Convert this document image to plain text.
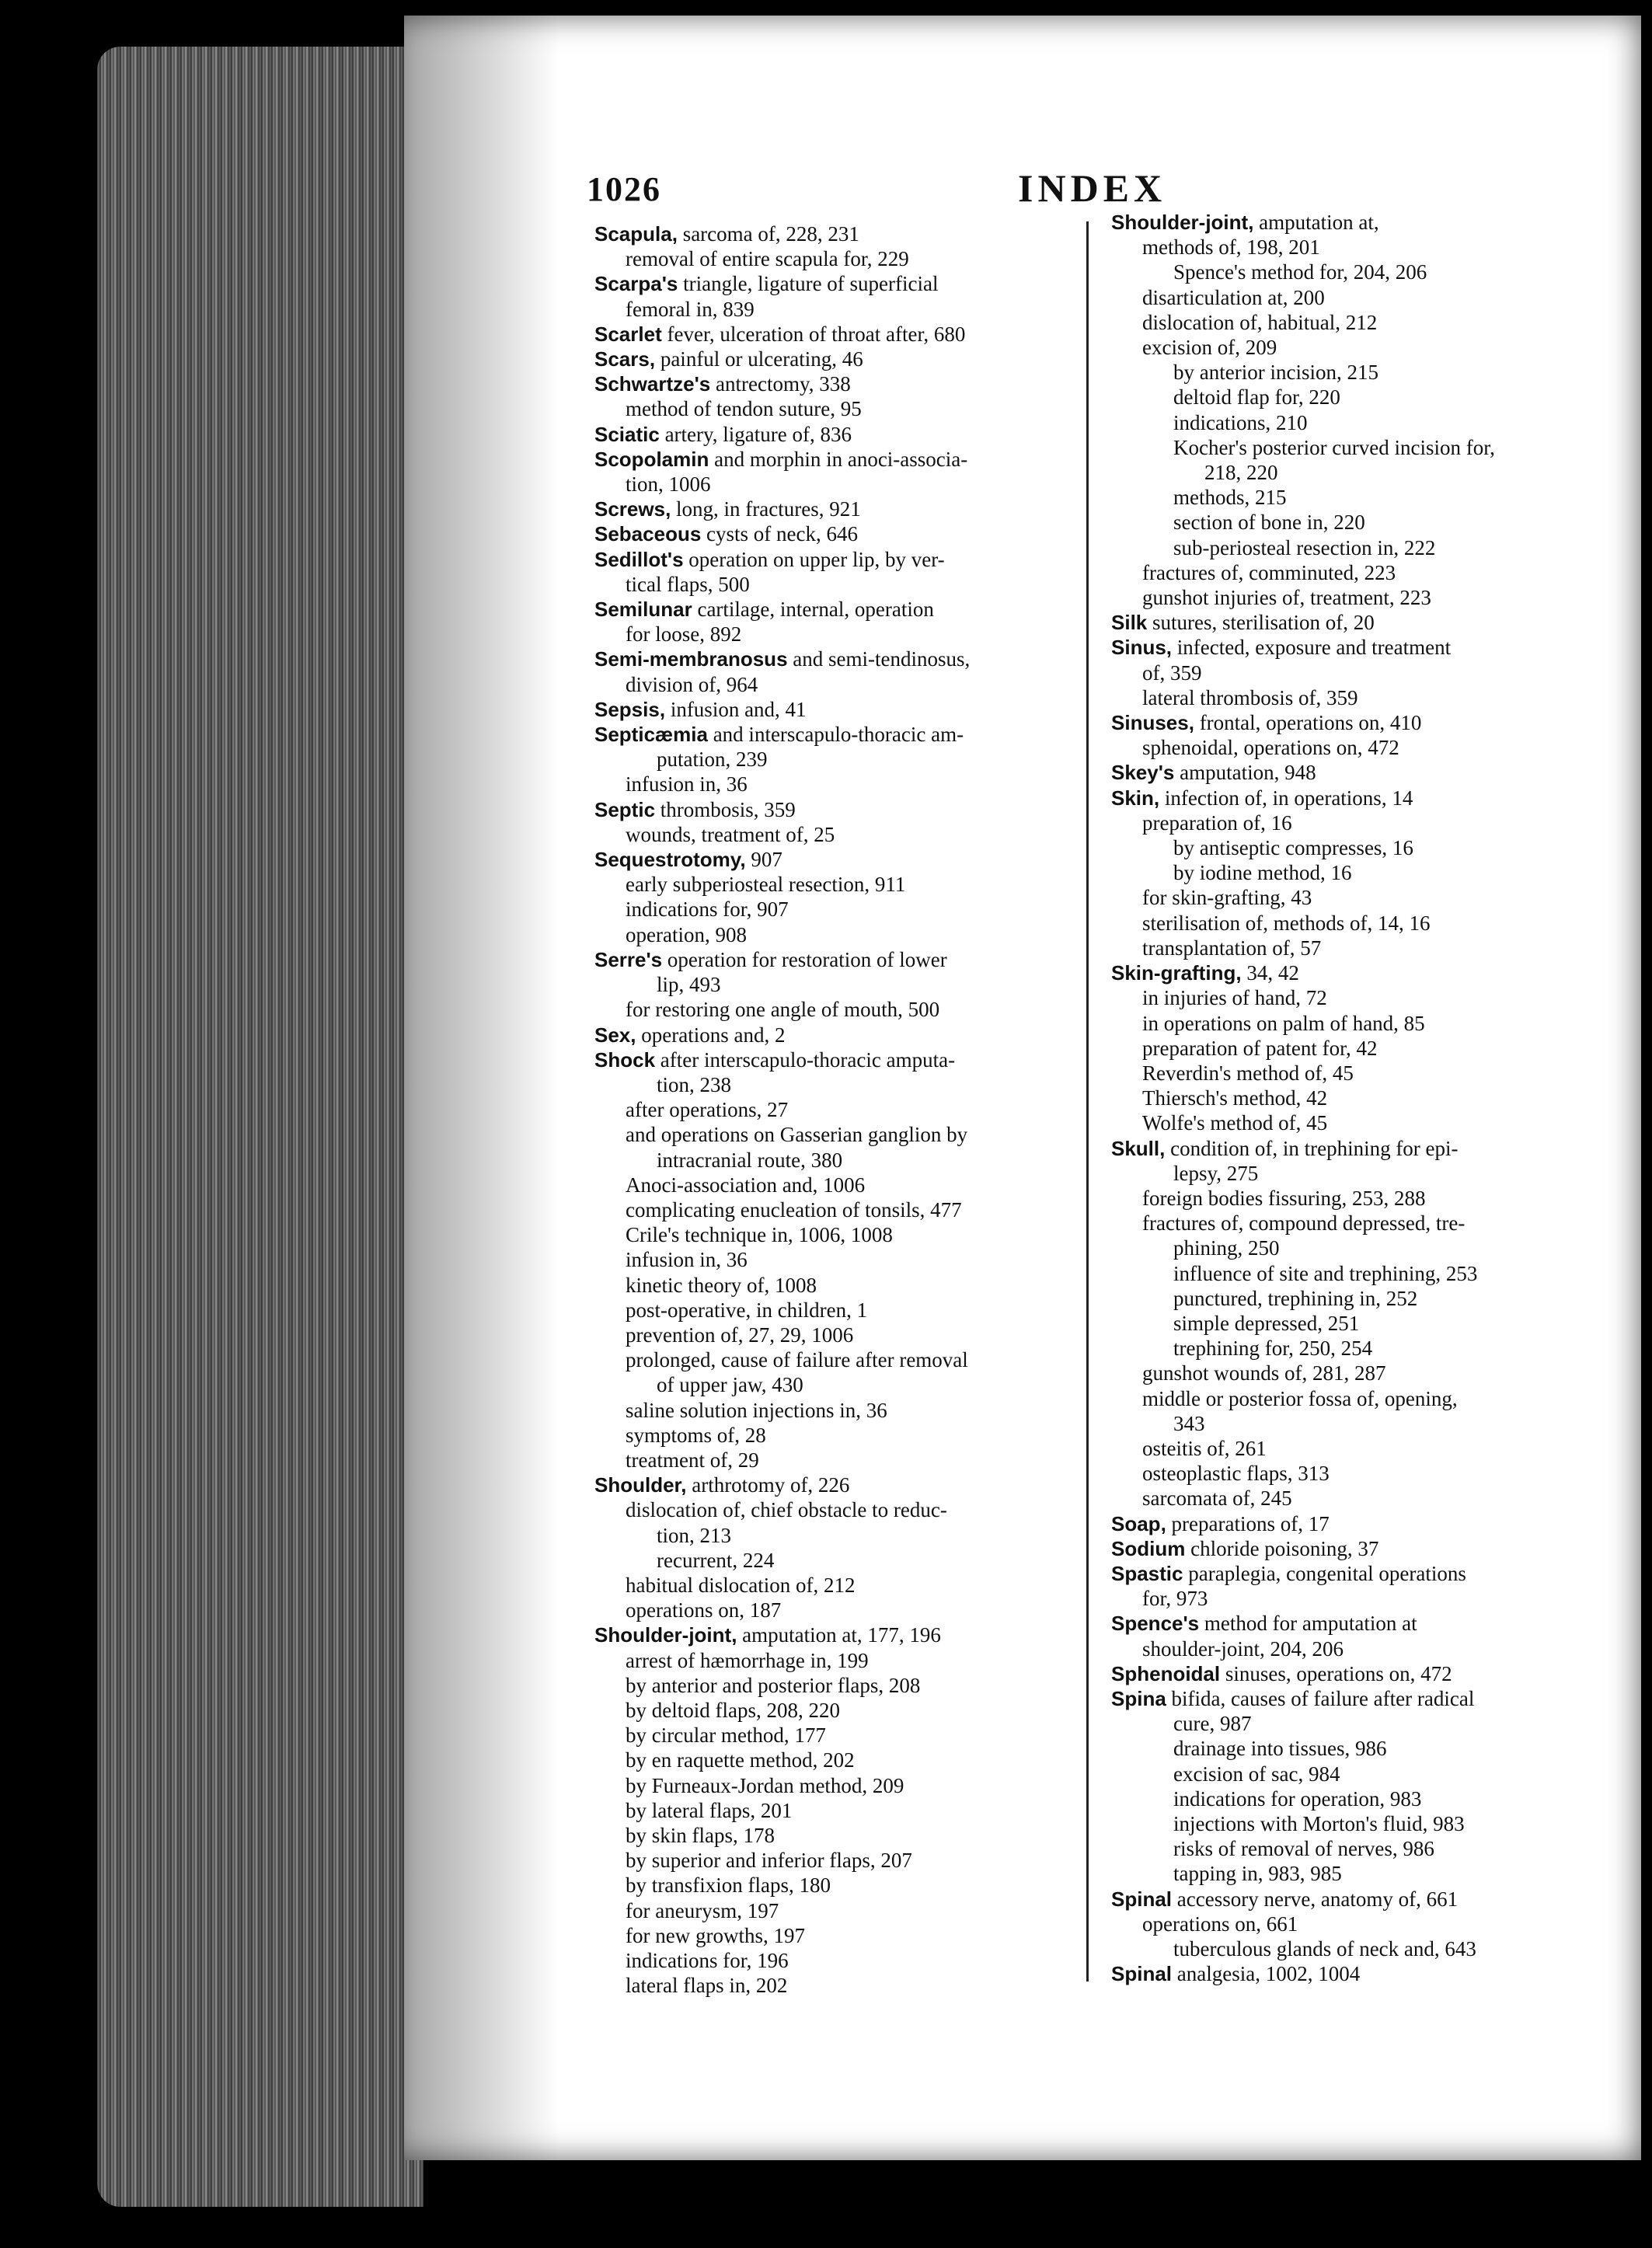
1026	INDEX
Scapula, sarcoma of, 228, 231
removal of entire scapula for, 229
Scarpa's triangle, ligature of superficial
femoral in, 839
Scarlet fever, ulceration of throat after, 680
Scars, painful or ulcerating, 46
Schwartze's antrectomy, 338
method of tendon suture, 95
Sciatic artery, ligature of, 836
Scopolamin and morphin in anoci-associa-
tion, 1006
Screws, long, in fractures, 921
Sebaceous cysts of neck, 646
Sedillot's operation on upper lip, by ver-
tical flaps, 500
Semilunar cartilage, internal, operation
for loose, 892
Semi-membranosus and semi-tendinosus,
division of, 964
Sepsis, infusion and, 41
Septicæmia and interscapulo-thoracic am-
putation, 239
infusion in, 36
Septic thrombosis, 359
wounds, treatment of, 25
Sequestrotomy, 907
early subperiosteal resection, 911
indications for, 907
operation, 908
Serre's operation for restoration of lower
lip, 493
for restoring one angle of mouth, 500
Sex, operations and, 2
Shock after interscapulo-thoracic amputa-
tion, 238
after operations, 27
and operations on Gasserian ganglion by
intracranial route, 380
Anoci-association and, 1006
complicating enucleation of tonsils, 477
Crile's technique in, 1006, 1008
infusion in, 36
kinetic theory of, 1008
post-operative, in children, 1
prevention of, 27, 29, 1006
prolonged, cause of failure after removal
of upper jaw, 430
saline solution injections in, 36
symptoms of, 28
treatment of, 29
Shoulder, arthrotomy of, 226
dislocation of, chief obstacle to reduc-
tion, 213
recurrent, 224
habitual dislocation of, 212
operations on, 187
Shoulder-joint, amputation at, 177, 196
arrest of hæmorrhage in, 199
by anterior and posterior flaps, 208
by deltoid flaps, 208, 220
by circular method, 177
by en raquette method, 202
by Furneaux-Jordan method, 209
by lateral flaps, 201
by skin flaps, 178
by superior and inferior flaps, 207
by transfixion flaps, 180
for aneurysm, 197
for new growths, 197
indications for, 196
lateral flaps in, 202
Shoulder-joint, amputation at,
methods of, 198, 201
Spence's method for, 204, 206
disarticulation at, 200
dislocation of, habitual, 212
excision of, 209
by anterior incision, 215
deltoid flap for, 220
indications, 210
Kocher's posterior curved incision for,
218, 220
methods, 215
section of bone in, 220
sub-periosteal resection in, 222
fractures of, comminuted, 223
gunshot injuries of, treatment, 223
Silk sutures, sterilisation of, 20
Sinus, infected, exposure and treatment
of, 359
lateral thrombosis of, 359
Sinuses, frontal, operations on, 410
sphenoidal, operations on, 472
Skey's amputation, 948
Skin, infection of, in operations, 14
preparation of, 16
by antiseptic compresses, 16
by iodine method, 16
for skin-grafting, 43
sterilisation of, methods of, 14, 16
transplantation of, 57
Skin-grafting, 34, 42
in injuries of hand, 72
in operations on palm of hand, 85
preparation of patent for, 42
Reverdin's method of, 45
Thiersch's method, 42
Wolfe's method of, 45
Skull, condition of, in trephining for epi-
lepsy, 275
foreign bodies fissuring, 253, 288
fractures of, compound depressed, tre-
phining, 250
influence of site and trephining, 253
punctured, trephining in, 252
simple depressed, 251
trephining for, 250, 254
gunshot wounds of, 281, 287
middle or posterior fossa of, opening,
343
osteitis of, 261
osteoplastic flaps, 313
sarcomata of, 245
Soap, preparations of, 17
Sodium chloride poisoning, 37
Spastic paraplegia, congenital operations
for, 973
Spence's method for amputation at
shoulder-joint, 204, 206
Sphenoidal sinuses, operations on, 472
Spina bifida, causes of failure after radical
cure, 987
drainage into tissues, 986
excision of sac, 984
indications for operation, 983
injections with Morton's fluid, 983
risks of removal of nerves, 986
tapping in, 983, 985
Spinal accessory nerve, anatomy of, 661
operations on, 661
tuberculous glands of neck and, 643
Spinal analgesia, 1002, 1004
